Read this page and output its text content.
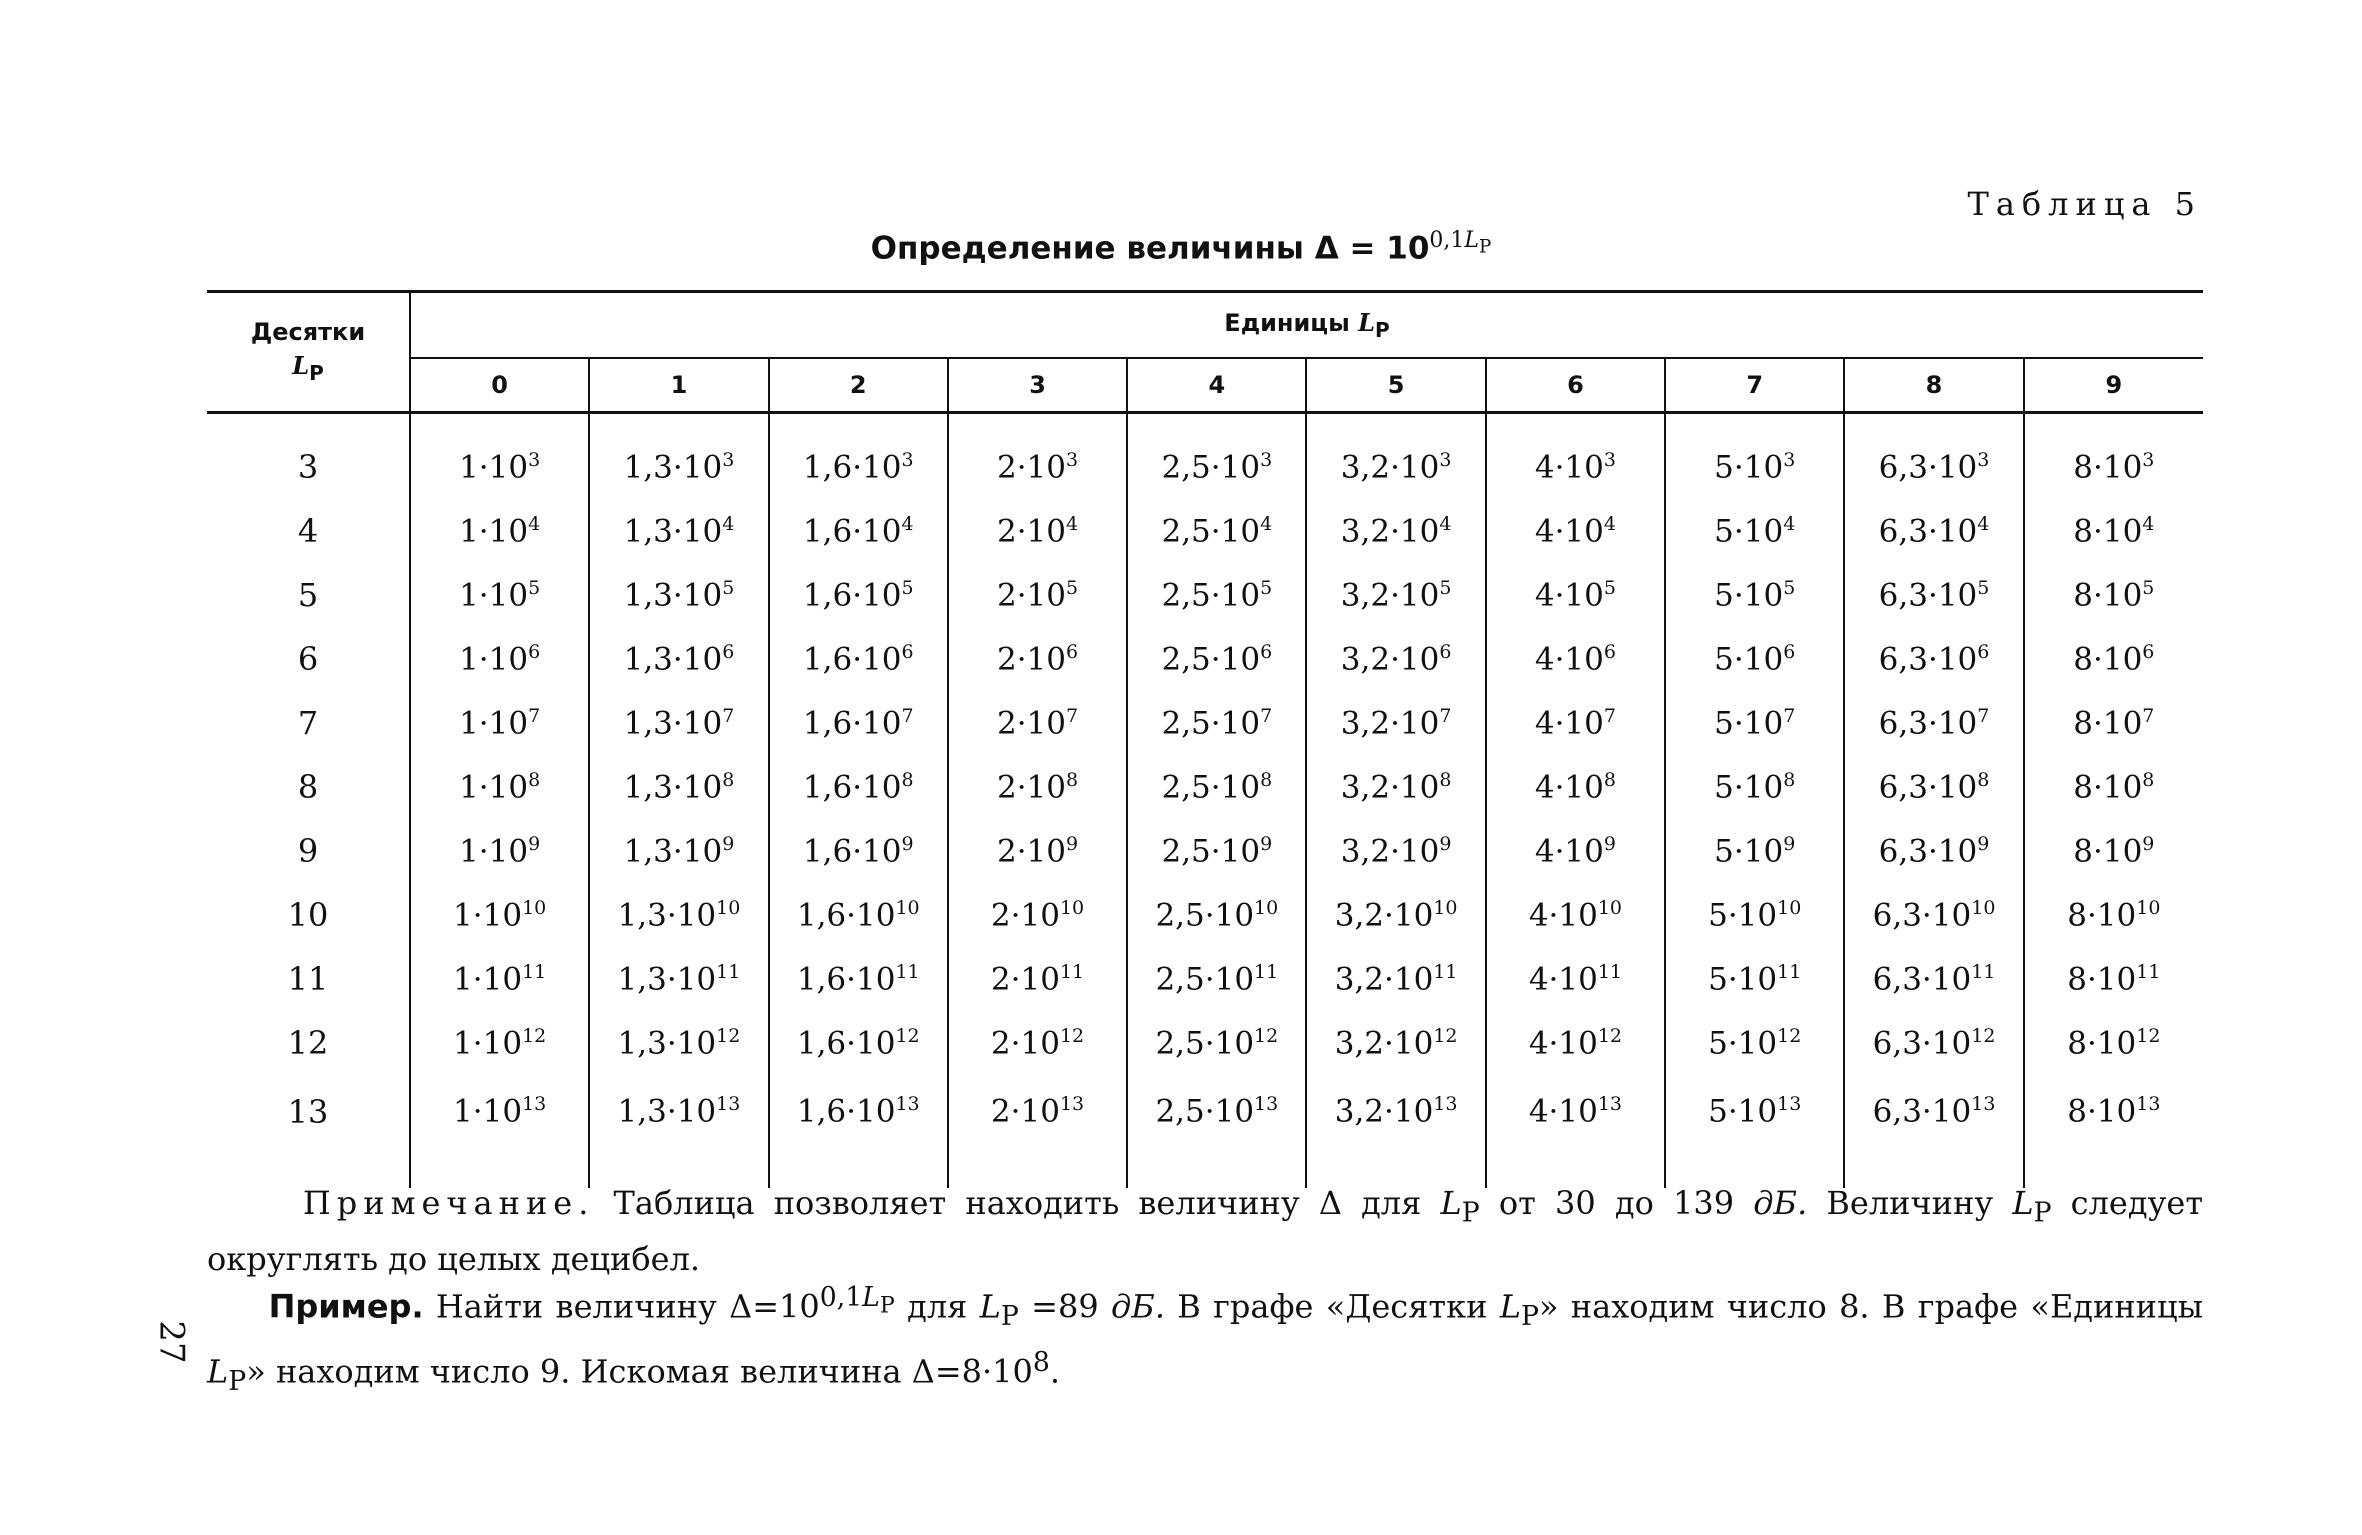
Таблица 5
Определение величины $\Delta = 10^{0,1L_P}$
Десятки
$L_P$	Единицы $L_P$
	0	1	2	3	4	5	6	7	8	9
3	$1\cdot 10^3$	$1,3\cdot 10^3$	$1,6\cdot 10^3$	$2\cdot 10^3$	$2,5\cdot 10^3$	$3,2\cdot 10^3$	$4\cdot 10^3$	$5\cdot 10^3$	$6,3\cdot 10^3$	$8\cdot 10^3$
4	$1\cdot 10^4$	$1,3\cdot 10^4$	$1,6\cdot 10^4$	$2\cdot 10^4$	$2,5\cdot 10^4$	$3,2\cdot 10^4$	$4\cdot 10^4$	$5\cdot 10^4$	$6,3\cdot 10^4$	$8\cdot 10^4$
5	$1\cdot 10^5$	$1,3\cdot 10^5$	$1,6\cdot 10^5$	$2\cdot 10^5$	$2,5\cdot 10^5$	$3,2\cdot 10^5$	$4\cdot 10^5$	$5\cdot 10^5$	$6,3\cdot 10^5$	$8\cdot 10^5$
6	$1\cdot 10^6$	$1,3\cdot 10^6$	$1,6\cdot 10^6$	$2\cdot 10^6$	$2,5\cdot 10^6$	$3,2\cdot 10^6$	$4\cdot 10^6$	$5\cdot 10^6$	$6,3\cdot 10^6$	$8\cdot 10^6$
7	$1\cdot 10^7$	$1,3\cdot 10^7$	$1,6\cdot 10^7$	$2\cdot 10^7$	$2,5\cdot 10^7$	$3,2\cdot 10^7$	$4\cdot 10^7$	$5\cdot 10^7$	$6,3\cdot 10^7$	$8\cdot 10^7$
8	$1\cdot 10^8$	$1,3\cdot 10^8$	$1,6\cdot 10^8$	$2\cdot 10^8$	$2,5\cdot 10^8$	$3,2\cdot 10^8$	$4\cdot 10^8$	$5\cdot 10^8$	$6,3\cdot 10^8$	$8\cdot 10^8$
9	$1\cdot 10^9$	$1,3\cdot 10^9$	$1,6\cdot 10^9$	$2\cdot 10^9$	$2,5\cdot 10^9$	$3,2\cdot 10^9$	$4\cdot 10^9$	$5\cdot 10^9$	$6,3\cdot 10^9$	$8\cdot 10^9$
10	$1\cdot 10^{10}$	$1,3\cdot 10^{10}$	$1,6\cdot 10^{10}$	$2\cdot 10^{10}$	$2,5\cdot 10^{10}$	$3,2\cdot 10^{10}$	$4\cdot 10^{10}$	$5\cdot 10^{10}$	$6,3\cdot 10^{10}$	$8\cdot 10^{10}$
11	$1\cdot 10^{11}$	$1,3\cdot 10^{11}$	$1,6\cdot 10^{11}$	$2\cdot 10^{11}$	$2,5\cdot 10^{11}$	$3,2\cdot 10^{11}$	$4\cdot 10^{11}$	$5\cdot 10^{11}$	$6,3\cdot 10^{11}$	$8\cdot 10^{11}$
12	$1\cdot 10^{12}$	$1,3\cdot 10^{12}$	$1,6\cdot 10^{12}$	$2\cdot 10^{12}$	$2,5\cdot 10^{12}$	$3,2\cdot 10^{12}$	$4\cdot 10^{12}$	$5\cdot 10^{12}$	$6,3\cdot 10^{12}$	$8\cdot 10^{12}$
13	$1\cdot 10^{13}$	$1,3\cdot 10^{13}$	$1,6\cdot 10^{13}$	$2\cdot 10^{13}$	$2,5\cdot 10^{13}$	$3,2\cdot 10^{13}$	$4\cdot 10^{13}$	$5\cdot 10^{13}$	$6,3\cdot 10^{13}$	$8\cdot 10^{13}$
Примечание. Таблица позволяет находить величину Δ для $L_P$ от 30 до 139 дБ. Величину $L_P$ следует округлять до целых децибел.
Пример. Найти величину $\Delta=10^{0,1L_P}$ для $L_P =89$ дБ. В графе «Десятки $L_P$» находим число 8. В графе «Единицы $L_P$» находим число 9. Искомая величина $\Delta=8\cdot 10^8$.
27
